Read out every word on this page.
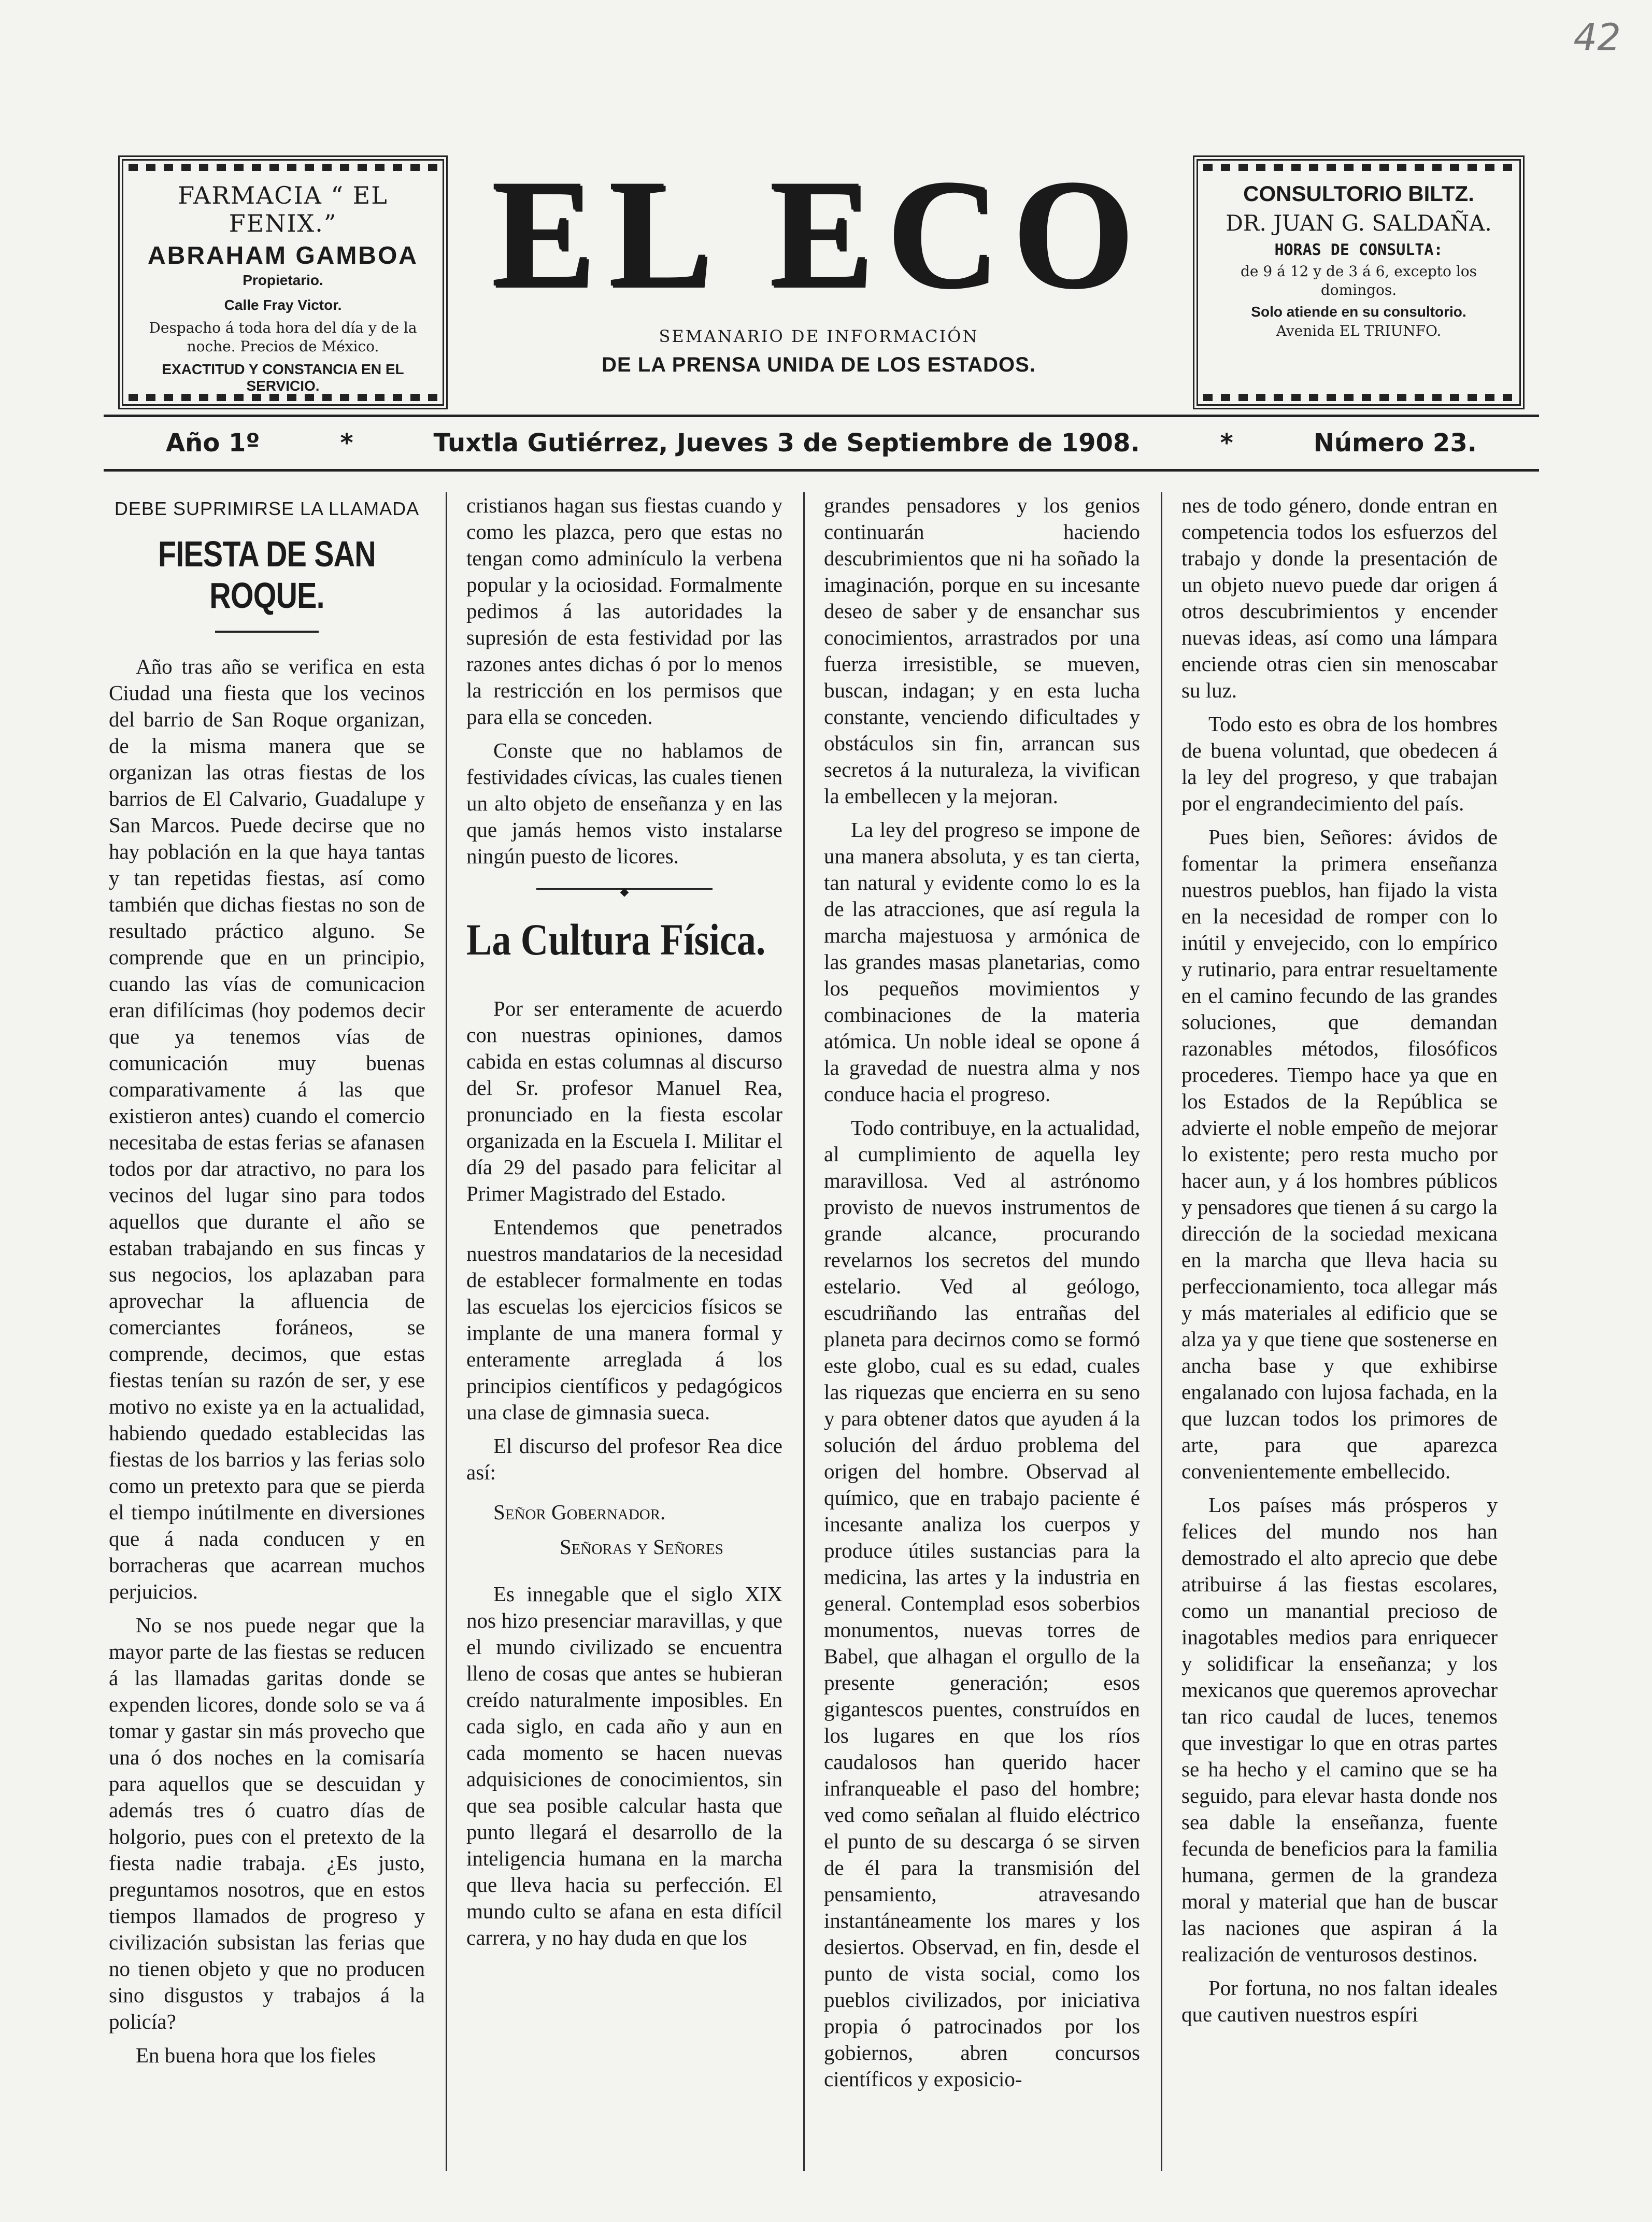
42
FARMACIA “ EL FENIX.”
ABRAHAM GAMBOA
Propietario.
Calle Fray Victor.
Despacho á toda hora del día y de la noche. Precios de México.
EXACTITUD Y CONSTANCIA EN EL SERVICIO.
EL ECO
SEMANARIO DE INFORMACIÓN
DE LA PRENSA UNIDA DE LOS ESTADOS.
CONSULTORIO BILTZ.
DR. JUAN G. SALDAÑA.
HORAS DE CONSULTA:
de 9 á 12 y de 3 á 6, excepto los domingos.
Solo atiende en su consultorio.
Avenida EL TRIUNFO.
Año 1º	*	Tuxtla Gutiérrez, Jueves 3 de Septiembre de 1908.	*	Número 23.
DEBE SUPRIMIRSE LA LLAMADA
FIESTA DE SAN ROQUE.

Año tras año se verifica en esta Ciudad una fiesta que los vecinos del barrio de San Roque organizan, de la misma manera que se organizan las otras fiestas de los barrios de El Calvario, Guadalupe y San Marcos. Puede decirse que no hay población en la que haya tantas y tan repetidas fiestas, así como también que dichas fiestas no son de resultado práctico alguno. Se comprende que en un principio, cuando las vías de comunicacion eran difilícimas (hoy podemos decir que ya tenemos vías de comunicación muy buenas comparativamente á las que existieron antes) cuando el comercio necesitaba de estas ferias se afanasen todos por dar atractivo, no para los vecinos del lugar sino para todos aquellos que durante el año se estaban trabajando en sus fincas y sus negocios, los aplazaban para aprovechar la afluencia de comerciantes foráneos, se comprende, decimos, que estas fiestas tenían su razón de ser, y ese motivo no existe ya en la actualidad, habiendo quedado establecidas las fiestas de los barrios y las ferias solo como un pretexto para que se pierda el tiempo inútilmente en diversiones que á nada conducen y en borracheras que acarrean muchos perjuicios.

No se nos puede negar que la mayor parte de las fiestas se reducen á las llamadas garitas donde se expenden licores, donde solo se va á tomar y gastar sin más provecho que una ó dos noches en la comisaría para aquellos que se descuidan y además tres ó cuatro días de holgorio, pues con el pretexto de la fiesta nadie trabaja. ¿Es justo, preguntamos nosotros, que en estos tiempos llamados de progreso y civilización subsistan las ferias que no tienen objeto y que no producen sino disgustos y trabajos á la policía?

En buena hora que los fieles

cristianos hagan sus fiestas cuando y como les plazca, pero que estas no tengan como adminículo la verbena popular y la ociosidad. Formalmente pedimos á las autoridades la supresión de esta festividad por las razones antes dichas ó por lo menos la restricción en los permisos que para ella se conceden.

Conste que no hablamos de festividades cívicas, las cuales tienen un alto objeto de enseñanza y en las que jamás hemos visto instalarse ningún puesto de licores.

◆
La Cultura Física.

Por ser enteramente de acuerdo con nuestras opiniones, damos cabida en estas columnas al discurso del Sr. profesor Manuel Rea, pronunciado en la fiesta escolar organizada en la Escuela I. Militar el día 29 del pasado para felicitar al Primer Magistrado del Estado.

Entendemos que penetrados nuestros mandatarios de la necesidad de establecer formalmente en todas las escuelas los ejercicios físicos se implante de una manera formal y enteramente arreglada á los principios científicos y pedagógicos una clase de gimnasia sueca.

El discurso del profesor Rea dice así:

Señor Gobernador.
Señoras y Señores

Es innegable que el siglo XIX nos hizo presenciar maravillas, y que el mundo civilizado se encuentra lleno de cosas que antes se hubieran creído naturalmente imposibles. En cada siglo, en cada año y aun en cada momento se hacen nuevas adquisiciones de conocimientos, sin que sea posible calcular hasta que punto llegará el desarrollo de la inteligencia humana en la marcha que lleva hacia su perfección. El mundo culto se afana en esta difícil carrera, y no hay duda en que los

grandes pensadores y los genios continuarán haciendo descubrimientos que ni ha soñado la imaginación, porque en su incesante deseo de saber y de ensanchar sus conocimientos, arrastrados por una fuerza irresistible, se mueven, buscan, indagan; y en esta lucha constante, venciendo dificultades y obstáculos sin fin, arrancan sus secretos á la nuturaleza, la vivifican la embellecen y la mejoran.

La ley del progreso se impone de una manera absoluta, y es tan cierta, tan natural y evidente como lo es la de las atracciones, que así regula la marcha majestuosa y armónica de las grandes masas planetarias, como los pequeños movimientos y combinaciones de la materia atómica. Un noble ideal se opone á la gravedad de nuestra alma y nos conduce hacia el progreso.

Todo contribuye, en la actualidad, al cumplimiento de aquella ley maravillosa. Ved al astrónomo provisto de nuevos instrumentos de grande alcance, procurando revelarnos los secretos del mundo estelario. Ved al geólogo, escudriñando las entrañas del planeta para decirnos como se formó este globo, cual es su edad, cuales las riquezas que encierra en su seno y para obtener datos que ayuden á la solución del árduo problema del origen del hombre. Observad al químico, que en trabajo paciente é incesante analiza los cuerpos y produce útiles sustancias para la medicina, las artes y la industria en general. Contemplad esos soberbios monumentos, nuevas torres de Babel, que alhagan el orgullo de la presente generación; esos gigantescos puentes, construídos en los lugares en que los ríos caudalosos han querido hacer infranqueable el paso del hombre; ved como señalan al fluido eléctrico el punto de su descarga ó se sirven de él para la transmisión del pensamiento, atravesando instantáneamente los mares y los desiertos. Observad, en fin, desde el punto de vista social, como los pueblos civilizados, por iniciativa propia ó patrocinados por los gobiernos, abren concursos científicos y exposicio-

nes de todo género, donde entran en competencia todos los esfuerzos del trabajo y donde la presentación de un objeto nuevo puede dar origen á otros descubrimientos y encender nuevas ideas, así como una lámpara enciende otras cien sin menoscabar su luz.

Todo esto es obra de los hombres de buena voluntad, que obedecen á la ley del progreso, y que trabajan por el engrandecimiento del país.

Pues bien, Señores: ávidos de fomentar la primera enseñanza nuestros pueblos, han fijado la vista en la necesidad de romper con lo inútil y envejecido, con lo empírico y rutinario, para entrar resueltamente en el camino fecundo de las grandes soluciones, que demandan razonables métodos, filosóficos procederes. Tiempo hace ya que en los Estados de la República se advierte el noble empeño de mejorar lo existente; pero resta mucho por hacer aun, y á los hombres públicos y pensadores que tienen á su cargo la dirección de la sociedad mexicana en la marcha que lleva hacia su perfeccionamiento, toca allegar más y más materiales al edificio que se alza ya y que tiene que sostenerse en ancha base y que exhibirse engalanado con lujosa fachada, en la que luzcan todos los primores de arte, para que aparezca convenientemente embellecido.

Los países más prósperos y felices del mundo nos han demostrado el alto aprecio que debe atribuirse á las fiestas escolares, como un manantial precioso de inagotables medios para enriquecer y solidificar la enseñanza; y los mexicanos que queremos aprovechar tan rico caudal de luces, tenemos que investigar lo que en otras partes se ha hecho y el camino que se ha seguido, para elevar hasta donde nos sea dable la enseñanza, fuente fecunda de beneficios para la familia humana, germen de la grandeza moral y material que han de buscar las naciones que aspiran á la realización de venturosos destinos.

Por fortuna, no nos faltan ideales que cautiven nuestros espíri
